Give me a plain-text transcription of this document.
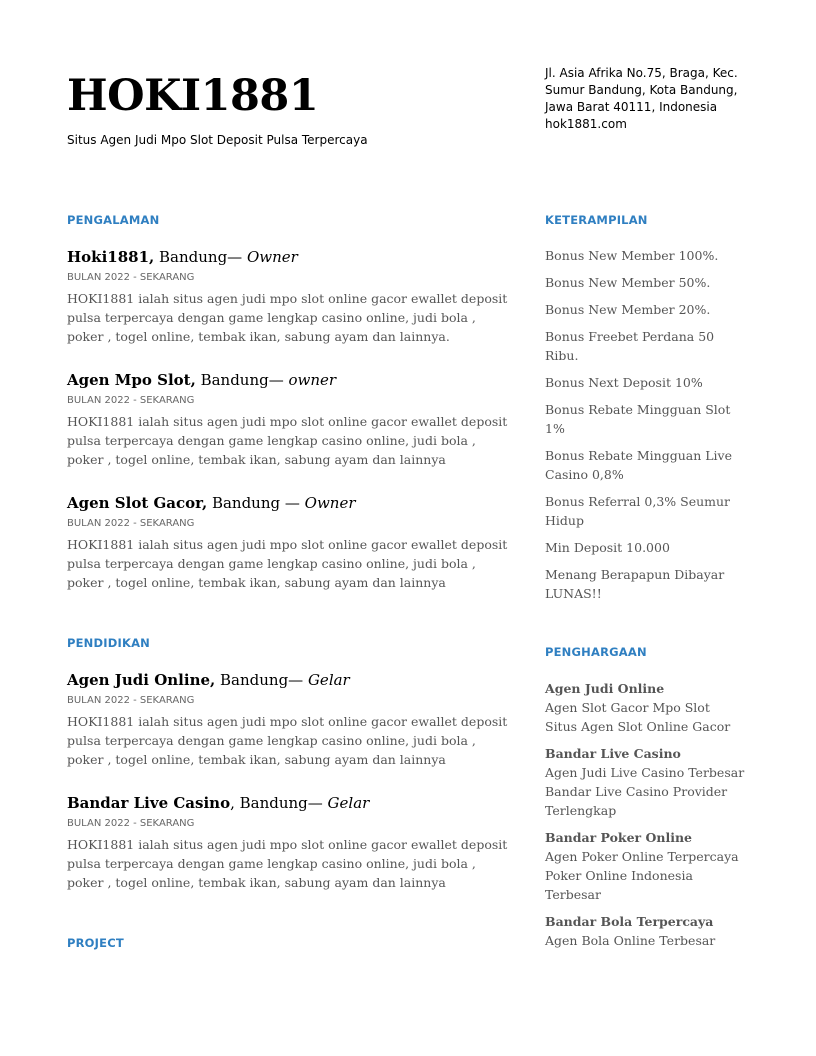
HOKI1881
Situs Agen Judi Mpo Slot Deposit Pulsa Terpercaya
Jl. Asia Afrika No.75, Braga, Kec.
Sumur Bandung, Kota Bandung,
Jawa Barat 40111, Indonesia
hok1881.com
PENGALAMAN
Hoki1881, Bandung— Owner
BULAN 2022 - SEKARANG
HOKI1881 ialah situs agen judi mpo slot online gacor ewallet deposit pulsa terpercaya dengan game lengkap casino online, judi bola , poker , togel online, tembak ikan, sabung ayam dan lainnya.
Agen Mpo Slot, Bandung— owner
BULAN 2022 - SEKARANG
HOKI1881 ialah situs agen judi mpo slot online gacor ewallet deposit pulsa terpercaya dengan game lengkap casino online, judi bola , poker , togel online, tembak ikan, sabung ayam dan lainnya
Agen Slot Gacor, Bandung — Owner
BULAN 2022 - SEKARANG
HOKI1881 ialah situs agen judi mpo slot online gacor ewallet deposit pulsa terpercaya dengan game lengkap casino online, judi bola , poker , togel online, tembak ikan, sabung ayam dan lainnya
PENDIDIKAN
Agen Judi Online, Bandung— Gelar
BULAN 2022 - SEKARANG
HOKI1881 ialah situs agen judi mpo slot online gacor ewallet deposit pulsa terpercaya dengan game lengkap casino online, judi bola , poker , togel online, tembak ikan, sabung ayam dan lainnya
Bandar Live Casino, Bandung— Gelar
BULAN 2022 - SEKARANG
HOKI1881 ialah situs agen judi mpo slot online gacor ewallet deposit pulsa terpercaya dengan game lengkap casino online, judi bola , poker , togel online, tembak ikan, sabung ayam dan lainnya
PROJECT
KETERAMPILAN
Bonus New Member 100%.
Bonus New Member 50%.
Bonus New Member 20%.
Bonus Freebet Perdana 50 Ribu.
Bonus Next Deposit 10%
Bonus Rebate Mingguan Slot 1%
Bonus Rebate Mingguan Live Casino 0,8%
Bonus Referral 0,3% Seumur Hidup
Min Deposit 10.000
Menang Berapapun Dibayar LUNAS!!
PENGHARGAAN
Agen Judi Online
Agen Slot Gacor Mpo Slot
Situs Agen Slot Online Gacor
Bandar Live Casino
Agen Judi Live Casino Terbesar
Bandar Live Casino Provider Terlengkap
Bandar Poker Online
Agen Poker Online Terpercaya
Poker Online Indonesia Terbesar
Bandar Bola Terpercaya
Agen Bola Online Terbesar
